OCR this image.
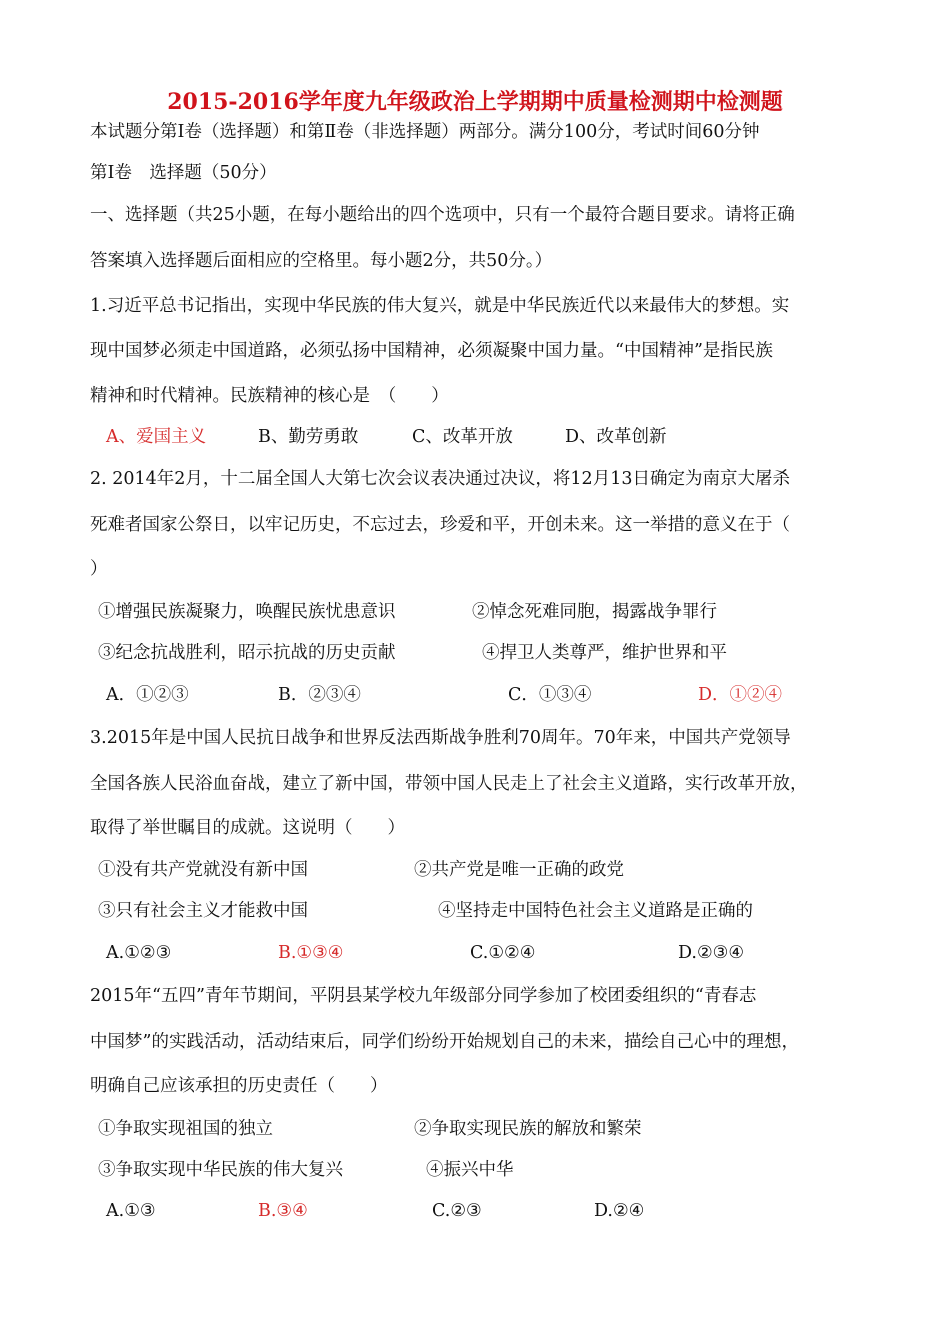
2015-2016学年度九年级政治上学期期中质量检测期中检测题
本试题分第Ⅰ卷（选择题）和第Ⅱ卷（非选择题）两部分。满分100分，考试时间60分钟
第Ⅰ卷　选择题（50分）
一、选择题（共25小题，在每小题给出的四个选项中，只有一个最符合题目要求。请将正确
答案填入选择题后面相应的空格里。每小题2分，共50分。）
1.习近平总书记指出，实现中华民族的伟大复兴，就是中华民族近代以来最伟大的梦想。实
现中国梦必须走中国道路，必须弘扬中国精神，必须凝聚中国力量。“中国精神”是指民族
精神和时代精神。民族精神的核心是　（　　）
A、爱国主义	B、勤劳勇敢	C、改革开放	D、改革创新
2. 2014年2月，十二届全国人大第七次会议表决通过决议，将12月13日确定为南京大屠杀
死难者国家公祭日，以牢记历史，不忘过去，珍爱和平，开创未来。这一举措的意义在于（
）
①增强民族凝聚力，唤醒民族忧患意识	②悼念死难同胞，揭露战争罪行
③纪念抗战胜利，昭示抗战的历史贡献	④捍卫人类尊严，维护世界和平
A．①②③	B．②③④	C．①③④	D．①②④
3.2015年是中国人民抗日战争和世界反法西斯战争胜利70周年。70年来，中国共产党领导
全国各族人民浴血奋战，建立了新中国，带领中国人民走上了社会主义道路，实行改革开放，
取得了举世瞩目的成就。这说明（　　）
①没有共产党就没有新中国	②共产党是唯一正确的政党
③只有社会主义才能救中国	④坚持走中国特色社会主义道路是正确的
A.①②③	B.①③④	C.①②④	D.②③④
2015年“五四”青年节期间，平阴县某学校九年级部分同学参加了校团委组织的“青春志
中国梦”的实践活动，活动结束后，同学们纷纷开始规划自己的未来，描绘自己心中的理想，
明确自己应该承担的历史责任（　　）
①争取实现祖国的独立	②争取实现民族的解放和繁荣
③争取实现中华民族的伟大复兴	④振兴中华
A.①③	B.③④	C.②③	D.②④
